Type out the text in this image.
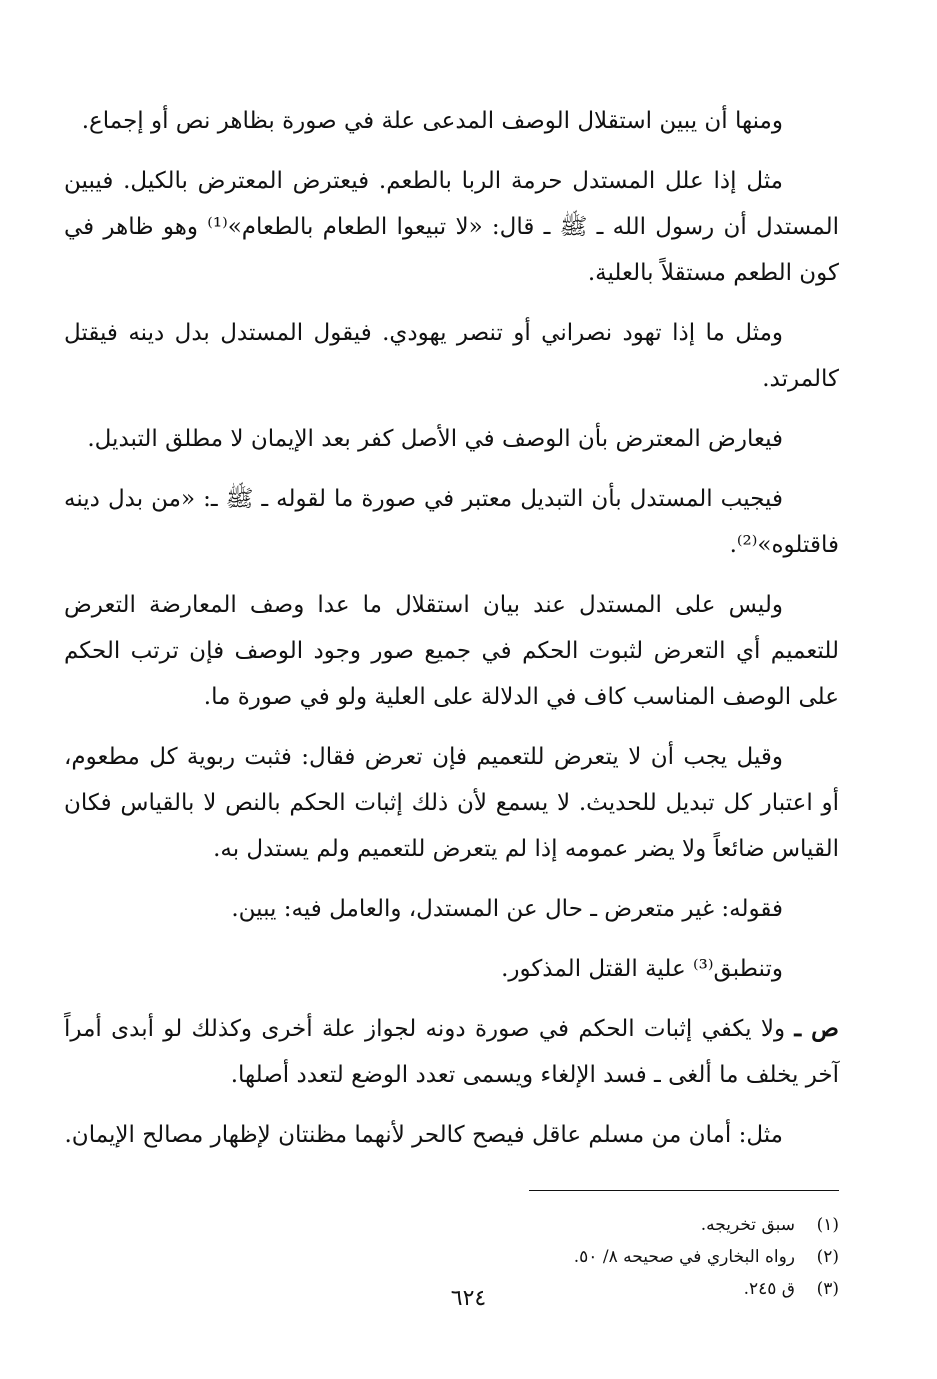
ومنها أن يبين استقلال الوصف المدعى علة في صورة بظاهر نص أو إجماع.

مثل إذا علل المستدل حرمة الربا بالطعم. فيعترض المعترض بالكيل. فيبين المستدل أن رسول الله ـ ﷺ ـ قال: «لا تبيعوا الطعام بالطعام»⁽¹⁾ وهو ظاهر في كون الطعم مستقلاً بالعلية.

ومثل ما إذا تهود نصراني أو تنصر يهودي. فيقول المستدل بدل دينه فيقتل كالمرتد.

فيعارض المعترض بأن الوصف في الأصل كفر بعد الإيمان لا مطلق التبديل.

فيجيب المستدل بأن التبديل معتبر في صورة ما لقوله ـ ﷺ ـ: «من بدل دينه فاقتلوه»⁽²⁾.

وليس على المستدل عند بيان استقلال ما عدا وصف المعارضة التعرض للتعميم أي التعرض لثبوت الحكم في جميع صور وجود الوصف فإن ترتب الحكم على الوصف المناسب كاف في الدلالة على العلية ولو في صورة ما.

وقيل يجب أن لا يتعرض للتعميم فإن تعرض فقال: فثبت ربوية كل مطعوم، أو اعتبار كل تبديل للحديث. لا يسمع لأن ذلك إثبات الحكم بالنص لا بالقياس فكان القياس ضائعاً ولا يضر عمومه إذا لم يتعرض للتعميم ولم يستدل به.

فقوله: غير متعرض ـ حال عن المستدل، والعامل فيه: يبين.

وتنطبق⁽³⁾ علية القتل المذكور.

ص ـ ولا يكفي إثبات الحكم في صورة دونه لجواز علة أخرى وكذلك لو أبدى أمراً آخر يخلف ما ألغى ـ فسد الإلغاء ويسمى تعدد الوضع لتعدد أصلها.

مثل: أمان من مسلم عاقل فيصح كالحر لأنهما مظنتان لإظهار مصالح الإيمان.

(١)
سبق تخريجه.
(٢)
رواه البخاري في صحيحه ٨/ ٥٠.
(٣)
ق ٢٤٥.
٦٢٤
